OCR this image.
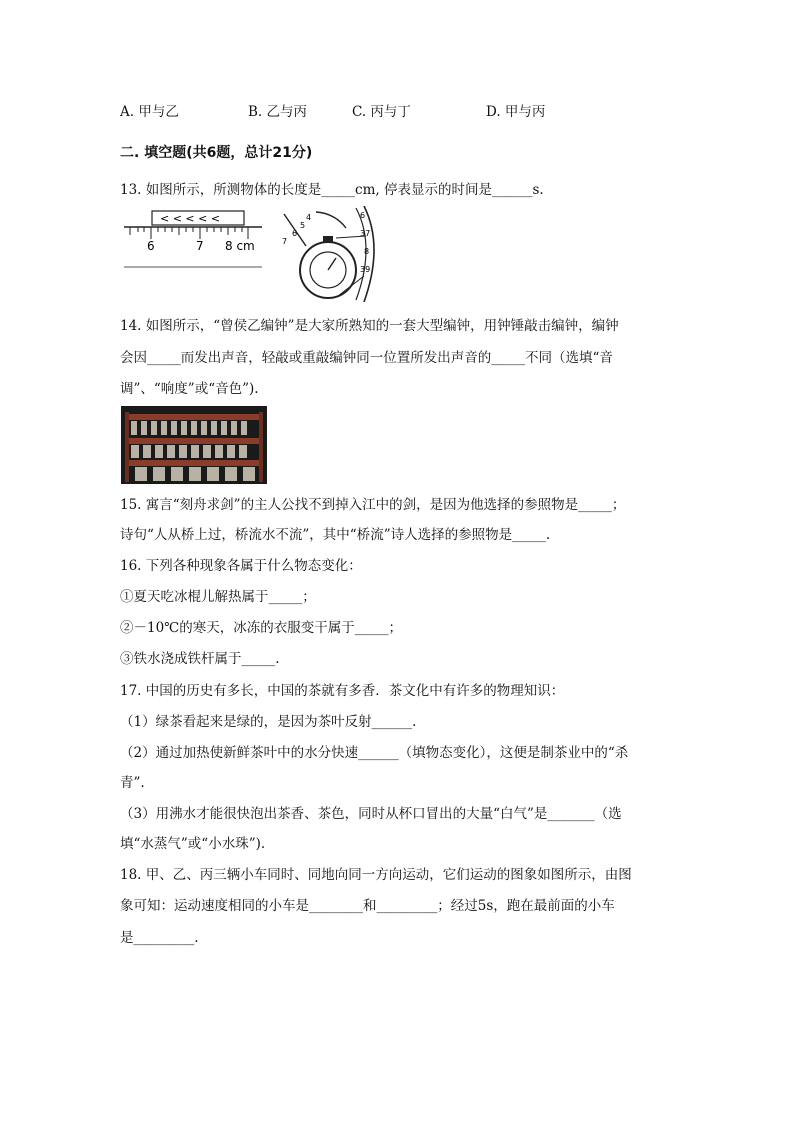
A. 甲与乙	B. 乙与丙	C. 丙与丁	D. 甲与丙
二. 填空题(共6题，总计21分)
13. 如图所示，所测物体的长度是_____cm, 停表显示的时间是______s.
< < < < <
6	7 8 cm
4
5
6
7
6
37
8
39
14. 如图所示，“曾侯乙编钟”是大家所熟知的一套大型编钟，用钟锤敲击编钟，编钟
会因_____而发出声音，轻敲或重敲编钟同一位置所发出声音的_____不同（选填“音
调”、“响度”或“音色”).
15. 寓言“刻舟求剑”的主人公找不到掉入江中的剑，是因为他选择的参照物是_____；
诗句“人从桥上过，桥流水不流”，其中“桥流”诗人选择的参照物是_____.
16. 下列各种现象各属于什么物态变化：
①夏天吃冰棍儿解热属于_____；
②－10℃的寒天，冰冻的衣服变干属于_____；
③铁水浇成铁杆属于_____.
17. 中国的历史有多长，中国的茶就有多香．茶文化中有许多的物理知识：
（1）绿茶看起来是绿的，是因为茶叶反射______.
（2）通过加热使新鲜茶叶中的水分快速______（填物态变化），这便是制茶业中的“杀
青”.
（3）用沸水才能很快泡出茶香、茶色，同时从杯口冒出的大量“白气”是_______（选
填“水蒸气”或“小水珠”).
18. 甲、乙、丙三辆小车同时、同地向同一方向运动，它们运动的图象如图所示，由图
象可知：运动速度相同的小车是________和_________；经过5s，跑在最前面的小车
是_________.
